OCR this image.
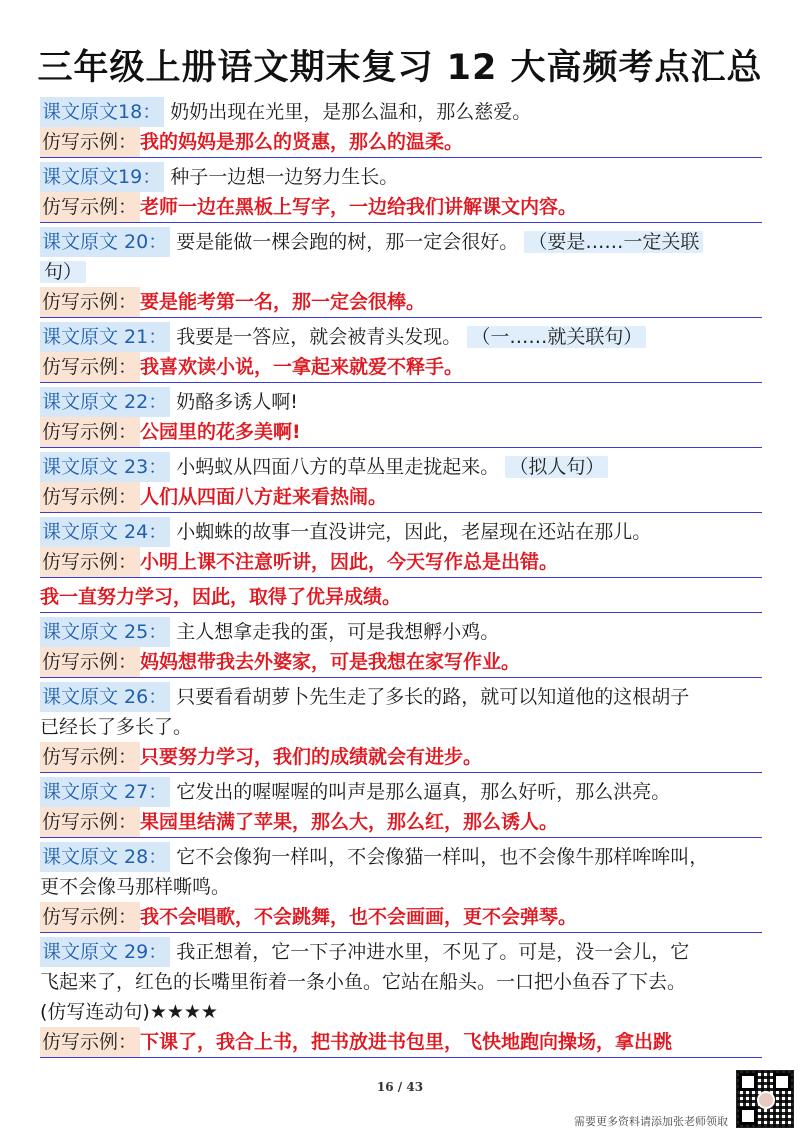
三年级上册语文期末复习 12 大高频考点汇总
课文原文18： 奶奶出现在光里，是那么温和，那么慈爱。
仿写示例： 我的妈妈是那么的贤惠，那么的温柔。
课文原文19： 种子一边想一边努力生长。
仿写示例： 老师一边在黑板上写字，一边给我们讲解课文内容。
课文原文 20： 要是能做一棵会跑的树，那一定会很好。 （要是……一定关联
句）
仿写示例： 要是能考第一名，那一定会很棒。
课文原文 21： 我要是一答应，就会被青头发现。 （一……就关联句）
仿写示例： 我喜欢读小说，一拿起来就爱不释手。
课文原文 22： 奶酪多诱人啊!
仿写示例： 公园里的花多美啊!
课文原文 23： 小蚂蚁从四面八方的草丛里走拢起来。 （拟人句）
仿写示例： 人们从四面八方赶来看热闹。
课文原文 24： 小蜘蛛的故事一直没讲完，因此，老屋现在还站在那儿。
仿写示例： 小明上课不注意听讲，因此，今天写作总是出错。
我一直努力学习，因此，取得了优异成绩。
课文原文 25： 主人想拿走我的蛋，可是我想孵小鸡。
仿写示例： 妈妈想带我去外婆家，可是我想在家写作业。
课文原文 26： 只要看看胡萝卜先生走了多长的路，就可以知道他的这根胡子
已经长了多长了。
仿写示例： 只要努力学习，我们的成绩就会有进步。
课文原文 27： 它发出的喔喔喔的叫声是那么逼真，那么好听，那么洪亮。
仿写示例： 果园里结满了苹果，那么大，那么红，那么诱人。
课文原文 28： 它不会像狗一样叫，不会像猫一样叫，也不会像牛那样哞哞叫，
更不会像马那样嘶鸣。
仿写示例： 我不会唱歌，不会跳舞，也不会画画，更不会弹琴。
课文原文 29： 我正想着，它一下子冲进水里，不见了。可是，没一会儿，它
飞起来了，红色的长嘴里衔着一条小鱼。它站在船头。一口把小鱼吞了下去。
(仿写连动句)★★★★
仿写示例： 下课了，我合上书，把书放进书包里，飞快地跑向操场，拿出跳
16 / 43
需要更多资料请添加张老师领取
